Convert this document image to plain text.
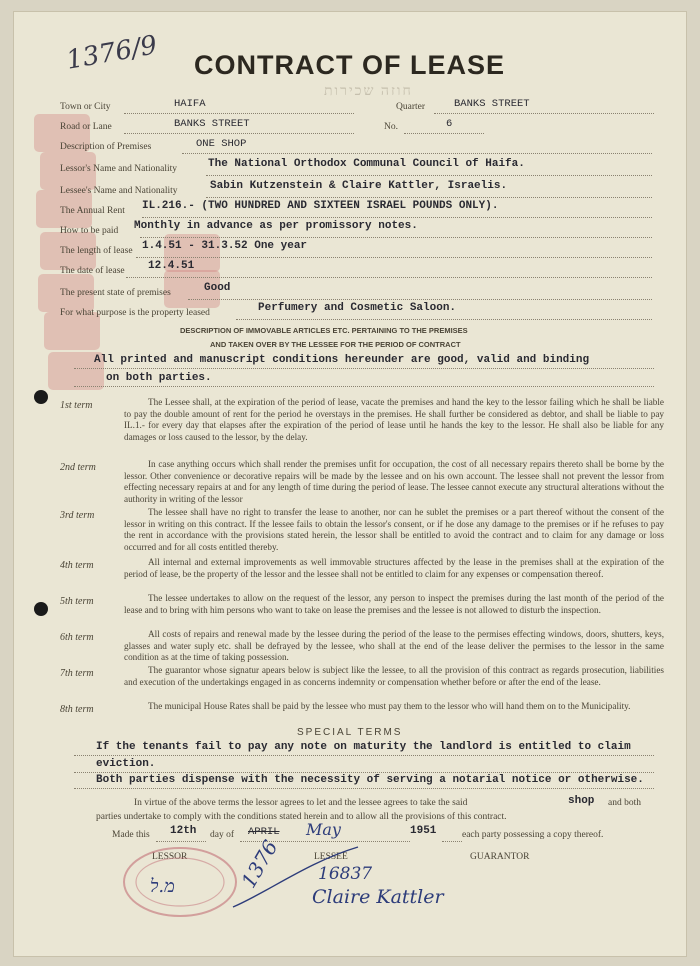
1376/9 CONTRACT OF LEASE
חוזה שכירות
Town or City	HAIFA	Quarter	BANKS STREET
Road or Lane	BANKS STREET	No.	6
Description of Premises	ONE SHOP
Lessor's Name and Nationality	The National Orthodox Communal Council of Haifa.
Lessee's Name and Nationality	Sabin Kutzenstein & Claire Kattler, Israelis.
The Annual Rent IL.216.- (TWO HUNDRED AND SIXTEEN ISRAEL POUNDS ONLY).
How to be paid Monthly in advance as per promissory notes.
The length of lease 1.4.51 - 31.3.52 One year
The date of lease 12.4.51
The present state of premises	Good
For what purpose is the property leased	Perfumery and Cosmetic Saloon.
DESCRIPTION OF IMMOVABLE ARTICLES ETC. PERTAINING TO THE PREMISES
AND TAKEN OVER BY THE LESSEE FOR THE PERIOD OF CONTRACT
All printed and manuscript conditions hereunder are good, valid and binding
on both parties.
1st term	The Lessee shall, at the expiration of the period of lease, vacate the premises and hand the key to the lessor failing which he shall be liable to pay the double amount of rent for the period he overstays in the premises. He shall further be considered as debtor, and shall be liable to pay IL.1.- for every day that elapses after the expiration of the period of lease until he hands the key to the lessor. He shall also be liable for any damages or loss caused to the lessor, by the delay.
2nd term	In case anything occurs which shall render the premises unfit for occupation, the cost of all necessary repairs thereto shall be borne by the lessor. Other convenience or decorative repairs will be made by the lessee and on his own account. The lessee shall not prevent the lessor from effecting necessary repairs at and for any length of time during the period of lease. The lessee cannot execute any structural alterations without the authority in writing of the lessor
3rd term	The lessee shall have no right to transfer the lease to another, nor can he sublet the premises or a part thereof without the consent of the lessor in writing on this contract. If the lessee fails to obtain the lessor's consent, or if he dose any damage to the premises or if he refuses to pay the rent in accordance with the provisions stated herein, the lessor shall be entitled to avoid the contract and to claim for any damage or loss occurred and for all costs entitled thereby.
4th term	All internal and external improvements as well immovable structures affected by the lease in the premises shall at the expiration of the period of lease, be the property of the lessor and the lessee shall not be entitled to claim for any expenses or compensation thereof.
5th term	The lessee undertakes to allow on the request of the lessor, any person to inspect the premises during the last month of the period of the lease and to bring with him persons who want to take on lease the premises and the lessee is not allowed to disturb the inspection.
6th term	All costs of repairs and renewal made by the lessee during the period of the lease to the permises effecting windows, doors, shutters, keys, glasses and water suply etc. shall be defrayed by the lessee, who shall at the end of the lease deliver the permises to the lessor in the same condition as at the time of taking possession.
7th term	The guarantor whose signatur apears below is subject like the lessee, to all the provision of this contract as regards prosecution, liabilities and execution of the undertakings engaged in as concerns indemnity or compensation whether before or after the end of the lease.
8th term	The municipal House Rates shall be paid by the lessee who must pay them to the lessor who will hand them on to the Municipality.
SPECIAL TERMS
If the tenants fail to pay any note on maturity the landlord is entitled to claim
eviction.
Both parties dispense with the necessity of serving a notarial notice or otherwise.
In virtue of the above terms the lessor agrees to let and the lessee agrees to take the said	shop and both
parties undertake to comply with the conditions stated herein and to allow all the provisions of this contract.
Made this 12th day of APRIL May	1951	each party possessing a copy thereof.
LESSOR	LESSEE	GUARANTOR
מ.ל	1376 16837
Claire Kattler
